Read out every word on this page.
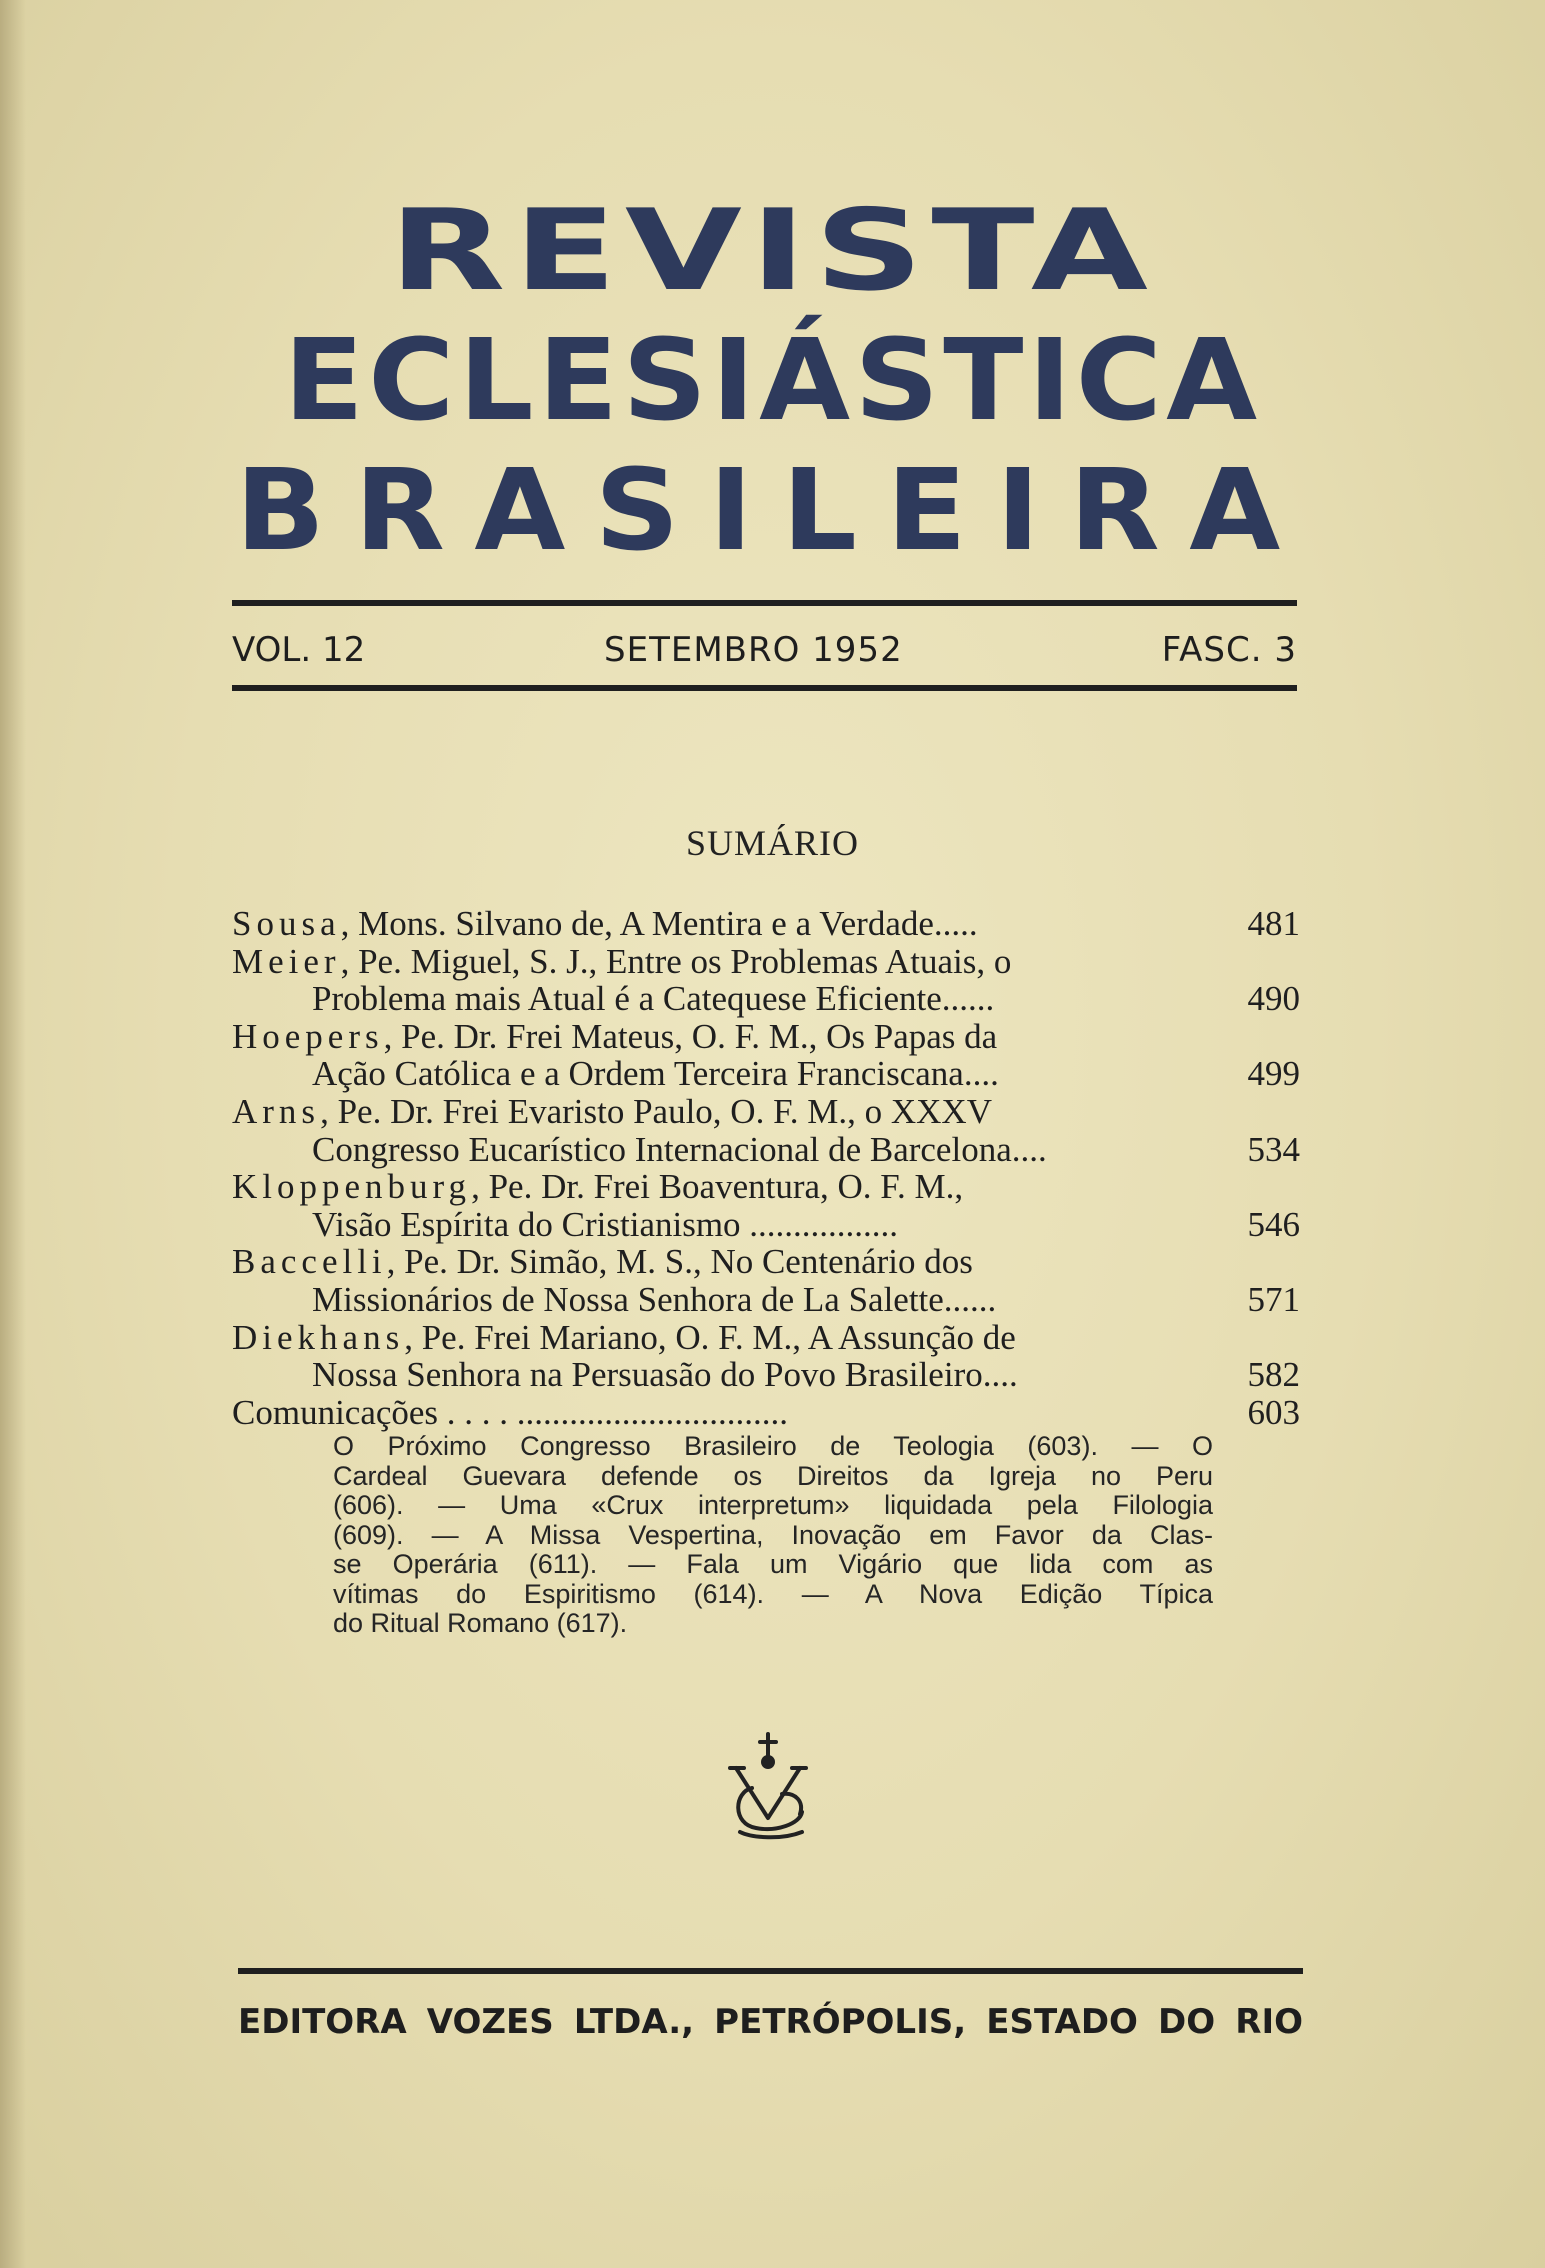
REVISTA
ECLESIÁSTICA
BRASILEIRA
VOL. 12	SETEMBRO 1952	FASC. 3
SUMÁRIO
Sousa, Mons. Silvano de, A Mentira e a Verdade.....	481
Meier, Pe. Miguel, S. J., Entre os Problemas Atuais, o
Problema mais Atual é a Catequese Eficiente......	490
Hoepers, Pe. Dr. Frei Mateus, O. F. M., Os Papas da
Ação Católica e a Ordem Terceira Franciscana....	499
Arns, Pe. Dr. Frei Evaristo Paulo, O. F. M., o XXXV
Congresso Eucarístico Internacional de Barcelona....	534
Kloppenburg, Pe. Dr. Frei Boaventura, O. F. M.,
Visão Espírita do Cristianismo .................	546
Baccelli, Pe. Dr. Simão, M. S., No Centenário dos
Missionários de Nossa Senhora de La Salette......	571
Diekhans, Pe. Frei Mariano, O. F. M., A Assunção de
Nossa Senhora na Persuasão do Povo Brasileiro....	582
Comunicações . . . . ...............................	603
O Próximo Congresso Brasileiro de Teologia (603). — O
Cardeal Guevara defende os Direitos da Igreja no Peru
(606). — Uma «Crux interpretum» liquidada pela Filologia
(609). — A Missa Vespertina, Inovação em Favor da Clas-
se Operária (611). — Fala um Vigário que lida com as
vítimas do Espiritismo (614). — A Nova Edição Típica
do Ritual Romano (617).
EDITORA VOZES LTDA., PETRÓPOLIS, ESTADO DO RIO
